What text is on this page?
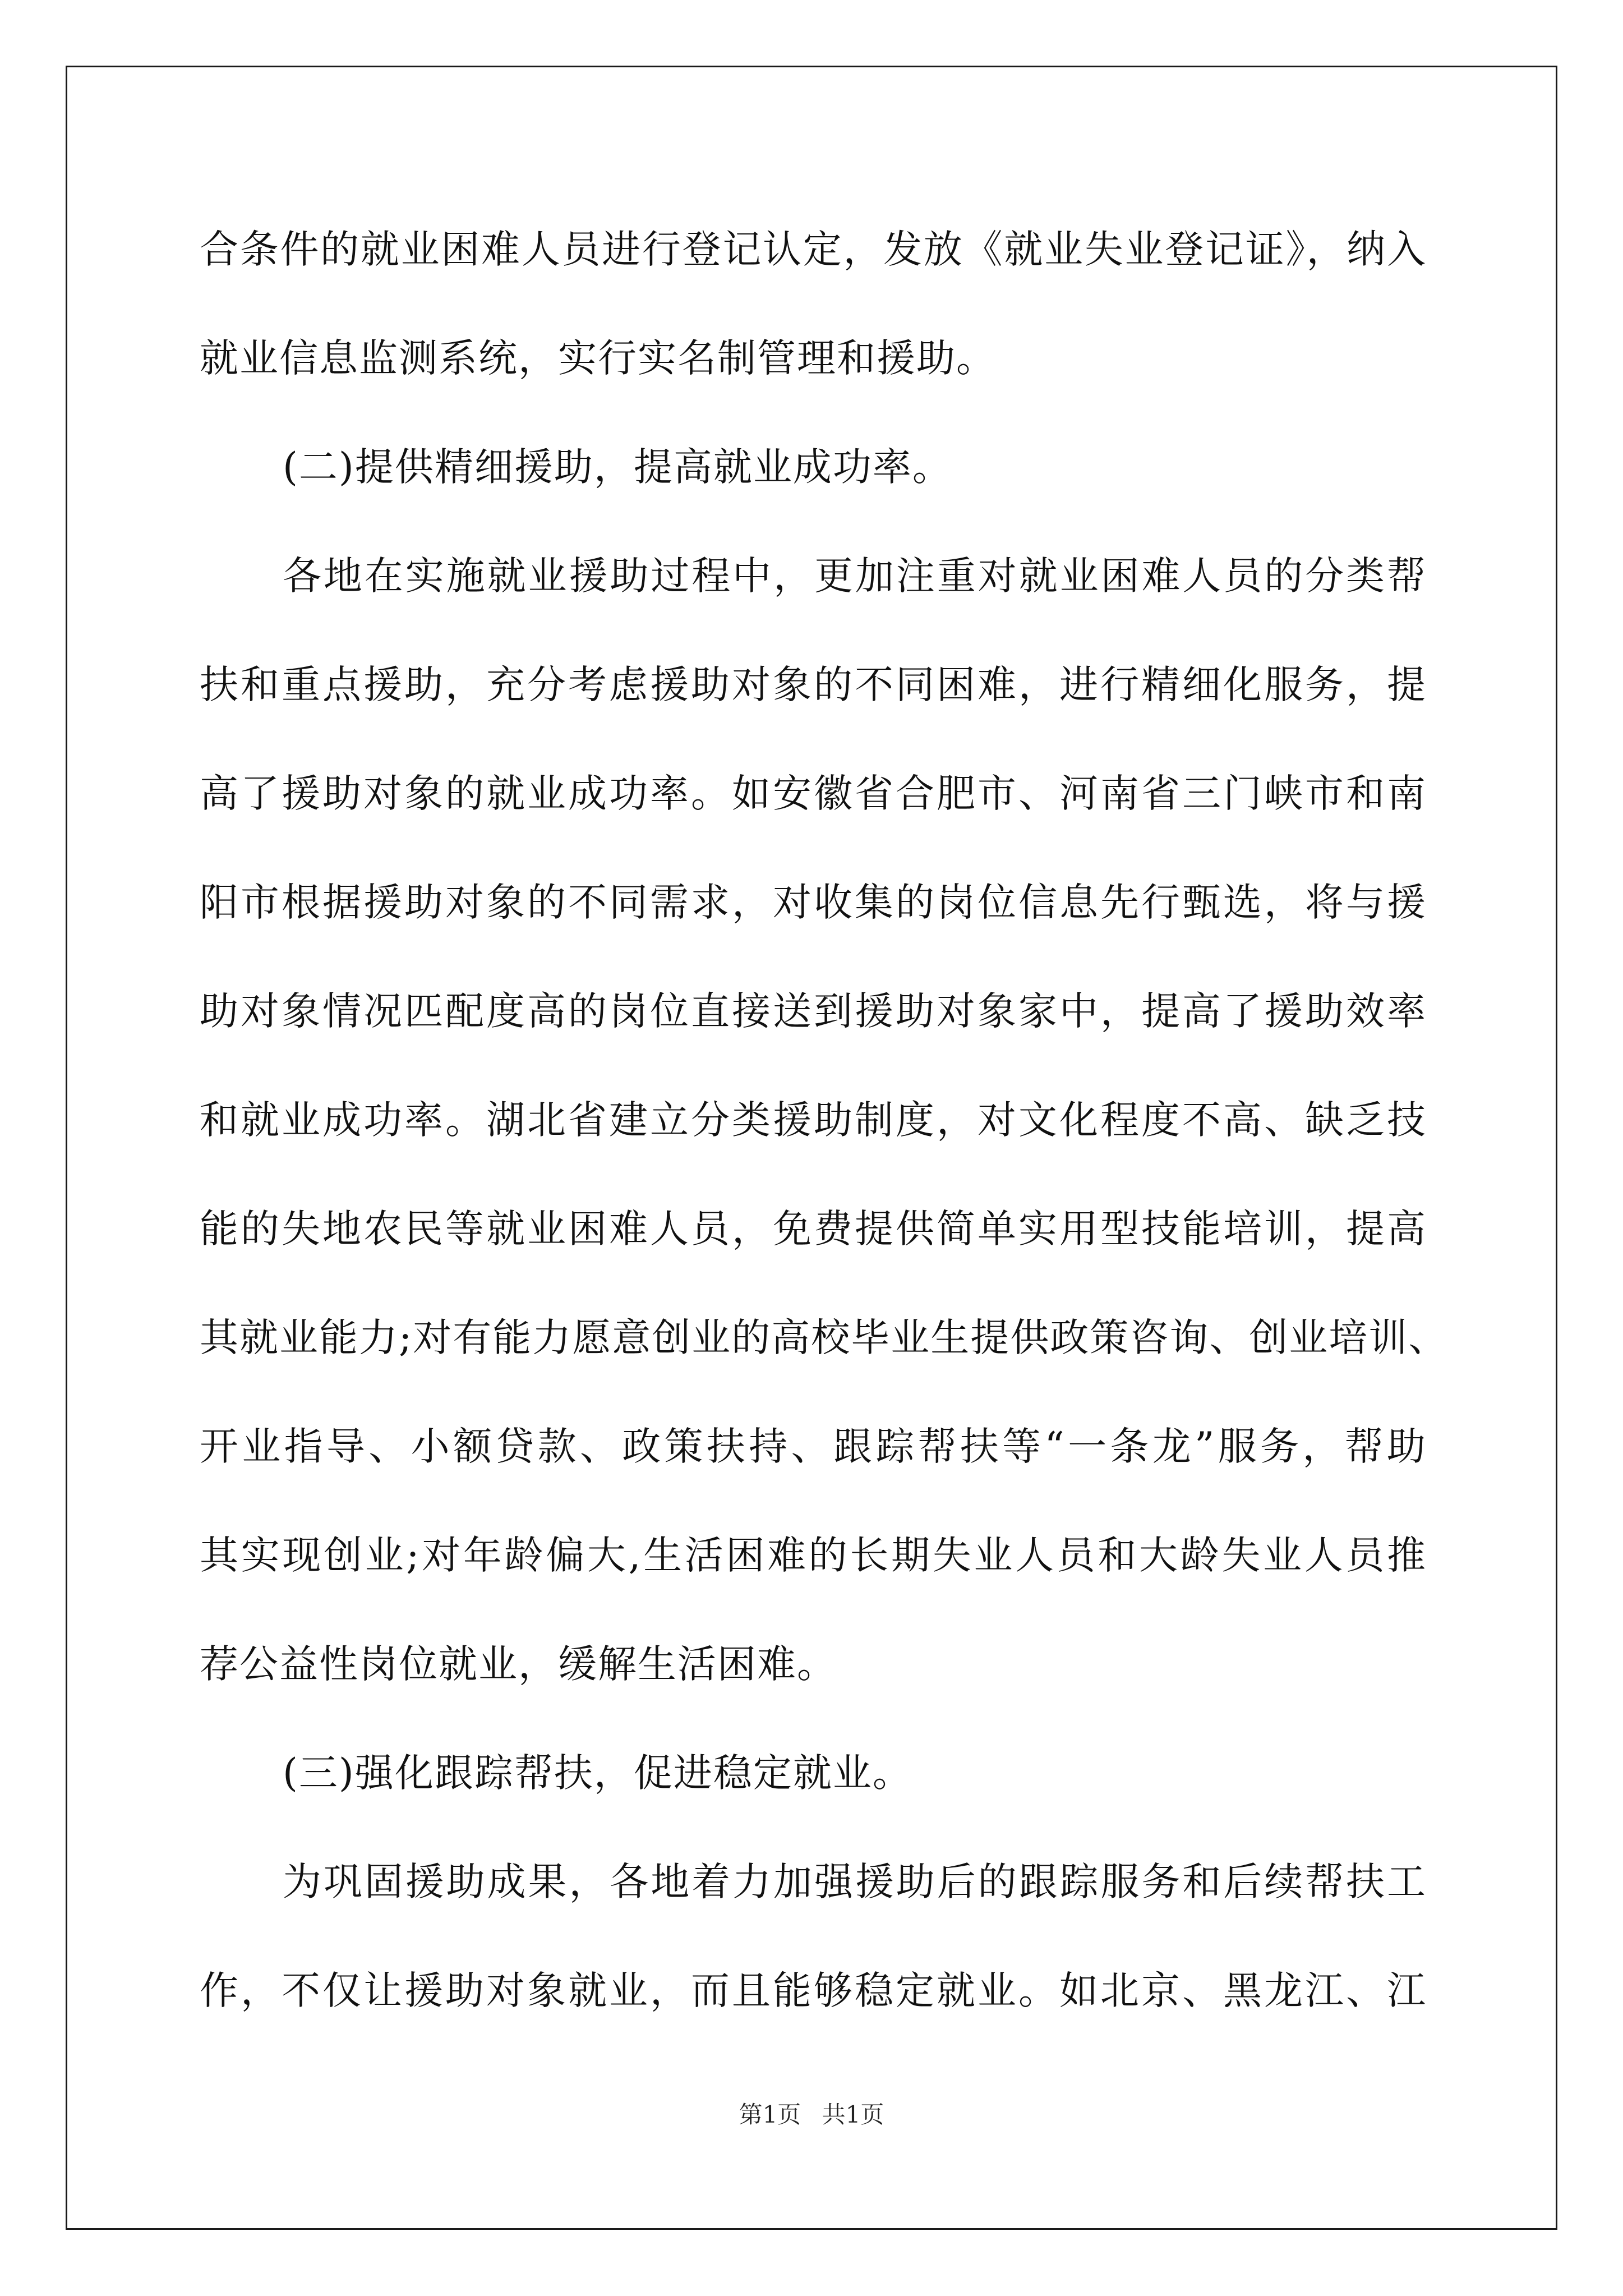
合条件的就业困难人员进行登记认定，发放《就业失业登记证》，纳入
就业信息监测系统，实行实名制管理和援助。
(二)提供精细援助，提高就业成功率。
各地在实施就业援助过程中，更加注重对就业困难人员的分类帮
扶和重点援助，充分考虑援助对象的不同困难，进行精细化服务，提
高了援助对象的就业成功率。如安徽省合肥市、河南省三门峡市和南
阳市根据援助对象的不同需求，对收集的岗位信息先行甄选，将与援
助对象情况匹配度高的岗位直接送到援助对象家中，提高了援助效率
和就业成功率。湖北省建立分类援助制度，对文化程度不高、缺乏技
能的失地农民等就业困难人员，免费提供简单实用型技能培训，提高
其就业能力;对有能力愿意创业的高校毕业生提供政策咨询、创业培训、
开业指导、小额贷款、政策扶持、跟踪帮扶等“一条龙”服务，帮助
其实现创业;对年龄偏大,生活困难的长期失业人员和大龄失业人员推
荐公益性岗位就业，缓解生活困难。
(三)强化跟踪帮扶，促进稳定就业。
为巩固援助成果，各地着力加强援助后的跟踪服务和后续帮扶工
作，不仅让援助对象就业，而且能够稳定就业。如北京、黑龙江、江
第1页 共1页
